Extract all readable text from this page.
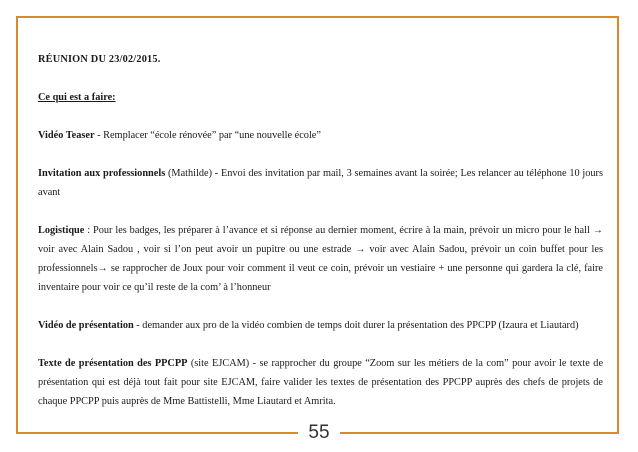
RÉUNION DU 23/02/2015.

Ce qui est a faire:

Vidéo Teaser - Remplacer “école rénovée” par “une nouvelle école”

Invitation aux professionnels (Mathilde) - Envoi des invitation par mail, 3 semaines avant la soirée; Les relancer au téléphone 10 jours avant

Logistique : Pour les badges, les préparer à l’avance et si réponse au dernier moment, écrire à la main, prévoir un micro pour le hall → voir avec Alain Sadou , voir si l’on peut avoir un pupitre ou une estrade → voir avec Alain Sadou, prévoir un coin buffet pour les professionnels→ se rapprocher de Joux pour voir comment il veut ce coin, prévoir un vestiaire + une personne qui gardera la clé, faire inventaire pour voir ce qu’il reste de la com’ à l’honneur

Vidéo de présentation - demander aux pro de la vidéo combien de temps doit durer la présentation des PPCPP (Izaura et Liautard)

Texte de présentation des PPCPP (site EJCAM) - se rapprocher du groupe “Zoom sur les métiers de la com” pour avoir le texte de présentation qui est déjà tout fait pour site EJCAM, faire valider les textes de présentation des PPCPP auprès des chefs de projets de chaque PPCPP puis auprès de Mme Battistelli, Mme Liautard et Amrita.

55
